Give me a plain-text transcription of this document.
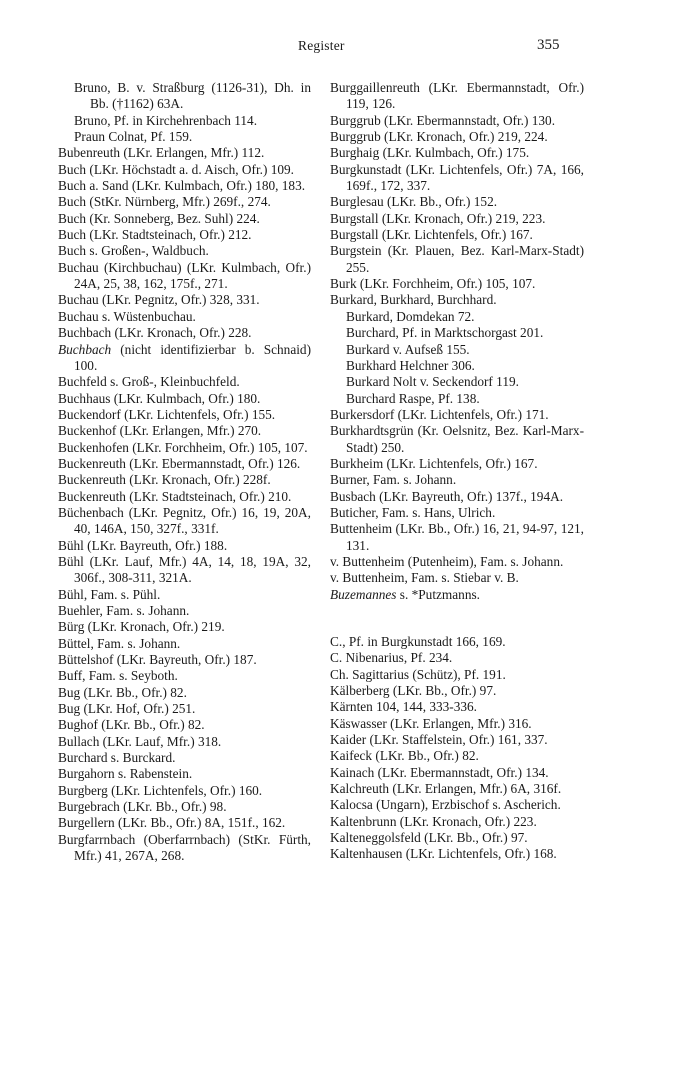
Register	355
Bruno, B. v. Straßburg (1126-31), Dh. in Bb. (†1162) 63A.
Bruno, Pf. in Kirchehrenbach 114.
Praun Colnat, Pf. 159.
Bubenreuth (LKr. Erlangen, Mfr.) 112.
Buch (LKr. Höchstadt a. d. Aisch, Ofr.) 109.
Buch a. Sand (LKr. Kulmbach, Ofr.) 180, 183.
Buch (StKr. Nürnberg, Mfr.) 269f., 274.
Buch (Kr. Sonneberg, Bez. Suhl) 224.
Buch (LKr. Stadtsteinach, Ofr.) 212.
Buch s. Großen-, Waldbuch.
Buchau (Kirchbuchau) (LKr. Kulmbach, Ofr.) 24A, 25, 38, 162, 175f., 271.
Buchau (LKr. Pegnitz, Ofr.) 328, 331.
Buchau s. Wüstenbuchau.
Buchbach (LKr. Kronach, Ofr.) 228.
Buchbach (nicht identifizierbar b. Schnaid) 100.
Buchfeld s. Groß-, Kleinbuchfeld.
Buchhaus (LKr. Kulmbach, Ofr.) 180.
Buckendorf (LKr. Lichtenfels, Ofr.) 155.
Buckenhof (LKr. Erlangen, Mfr.) 270.
Buckenhofen (LKr. Forchheim, Ofr.) 105, 107.
Buckenreuth (LKr. Ebermannstadt, Ofr.) 126.
Buckenreuth (LKr. Kronach, Ofr.) 228f.
Buckenreuth (LKr. Stadtsteinach, Ofr.) 210.
Büchenbach (LKr. Pegnitz, Ofr.) 16, 19, 20A, 40, 146A, 150, 327f., 331f.
Bühl (LKr. Bayreuth, Ofr.) 188.
Bühl (LKr. Lauf, Mfr.) 4A, 14, 18, 19A, 32, 306f., 308-311, 321A.
Bühl, Fam. s. Pühl.
Buehler, Fam. s. Johann.
Bürg (LKr. Kronach, Ofr.) 219.
Büttel, Fam. s. Johann.
Büttelshof (LKr. Bayreuth, Ofr.) 187.
Buff, Fam. s. Seyboth.
Bug (LKr. Bb., Ofr.) 82.
Bug (LKr. Hof, Ofr.) 251.
Bughof (LKr. Bb., Ofr.) 82.
Bullach (LKr. Lauf, Mfr.) 318.
Burchard s. Burckard.
Burgahorn s. Rabenstein.
Burgberg (LKr. Lichtenfels, Ofr.) 160.
Burgebrach (LKr. Bb., Ofr.) 98.
Burgellern (LKr. Bb., Ofr.) 8A, 151f., 162.
Burgfarrnbach (Oberfarrnbach) (StKr. Fürth, Mfr.) 41, 267A, 268.
Burggaillenreuth (LKr. Ebermannstadt, Ofr.) 119, 126.
Burggrub (LKr. Ebermannstadt, Ofr.) 130.
Burggrub (LKr. Kronach, Ofr.) 219, 224.
Burghaig (LKr. Kulmbach, Ofr.) 175.
Burgkunstadt (LKr. Lichtenfels, Ofr.) 7A, 166, 169f., 172, 337.
Burglesau (LKr. Bb., Ofr.) 152.
Burgstall (LKr. Kronach, Ofr.) 219, 223.
Burgstall (LKr. Lichtenfels, Ofr.) 167.
Burgstein (Kr. Plauen, Bez. Karl-Marx-Stadt) 255.
Burk (LKr. Forchheim, Ofr.) 105, 107.
Burkard, Burkhard, Burchhard.
Burkard, Domdekan 72.
Burchard, Pf. in Marktschorgast 201.
Burkard v. Aufseß 155.
Burkhard Helchner 306.
Burkard Nolt v. Seckendorf 119.
Burchard Raspe, Pf. 138.
Burkersdorf (LKr. Lichtenfels, Ofr.) 171.
Burkhardtsgrün (Kr. Oelsnitz, Bez. Karl-Marx-Stadt) 250.
Burkheim (LKr. Lichtenfels, Ofr.) 167.
Burner, Fam. s. Johann.
Busbach (LKr. Bayreuth, Ofr.) 137f., 194A.
Buticher, Fam. s. Hans, Ulrich.
Buttenheim (LKr. Bb., Ofr.) 16, 21, 94-97, 121, 131.
v. Buttenheim (Putenheim), Fam. s. Johann.
v. Buttenheim, Fam. s. Stiebar v. B.
Buzemannes s. *Putzmanns.
C., Pf. in Burgkunstadt 166, 169.
C. Nibenarius, Pf. 234.
Ch. Sagittarius (Schütz), Pf. 191.
Kälberberg (LKr. Bb., Ofr.) 97.
Kärnten 104, 144, 333-336.
Käswasser (LKr. Erlangen, Mfr.) 316.
Kaider (LKr. Staffelstein, Ofr.) 161, 337.
Kaifeck (LKr. Bb., Ofr.) 82.
Kainach (LKr. Ebermannstadt, Ofr.) 134.
Kalchreuth (LKr. Erlangen, Mfr.) 6A, 316f.
Kalocsa (Ungarn), Erzbischof s. Ascherich.
Kaltenbrunn (LKr. Kronach, Ofr.) 223.
Kalteneggolsfeld (LKr. Bb., Ofr.) 97.
Kaltenhausen (LKr. Lichtenfels, Ofr.) 168.
